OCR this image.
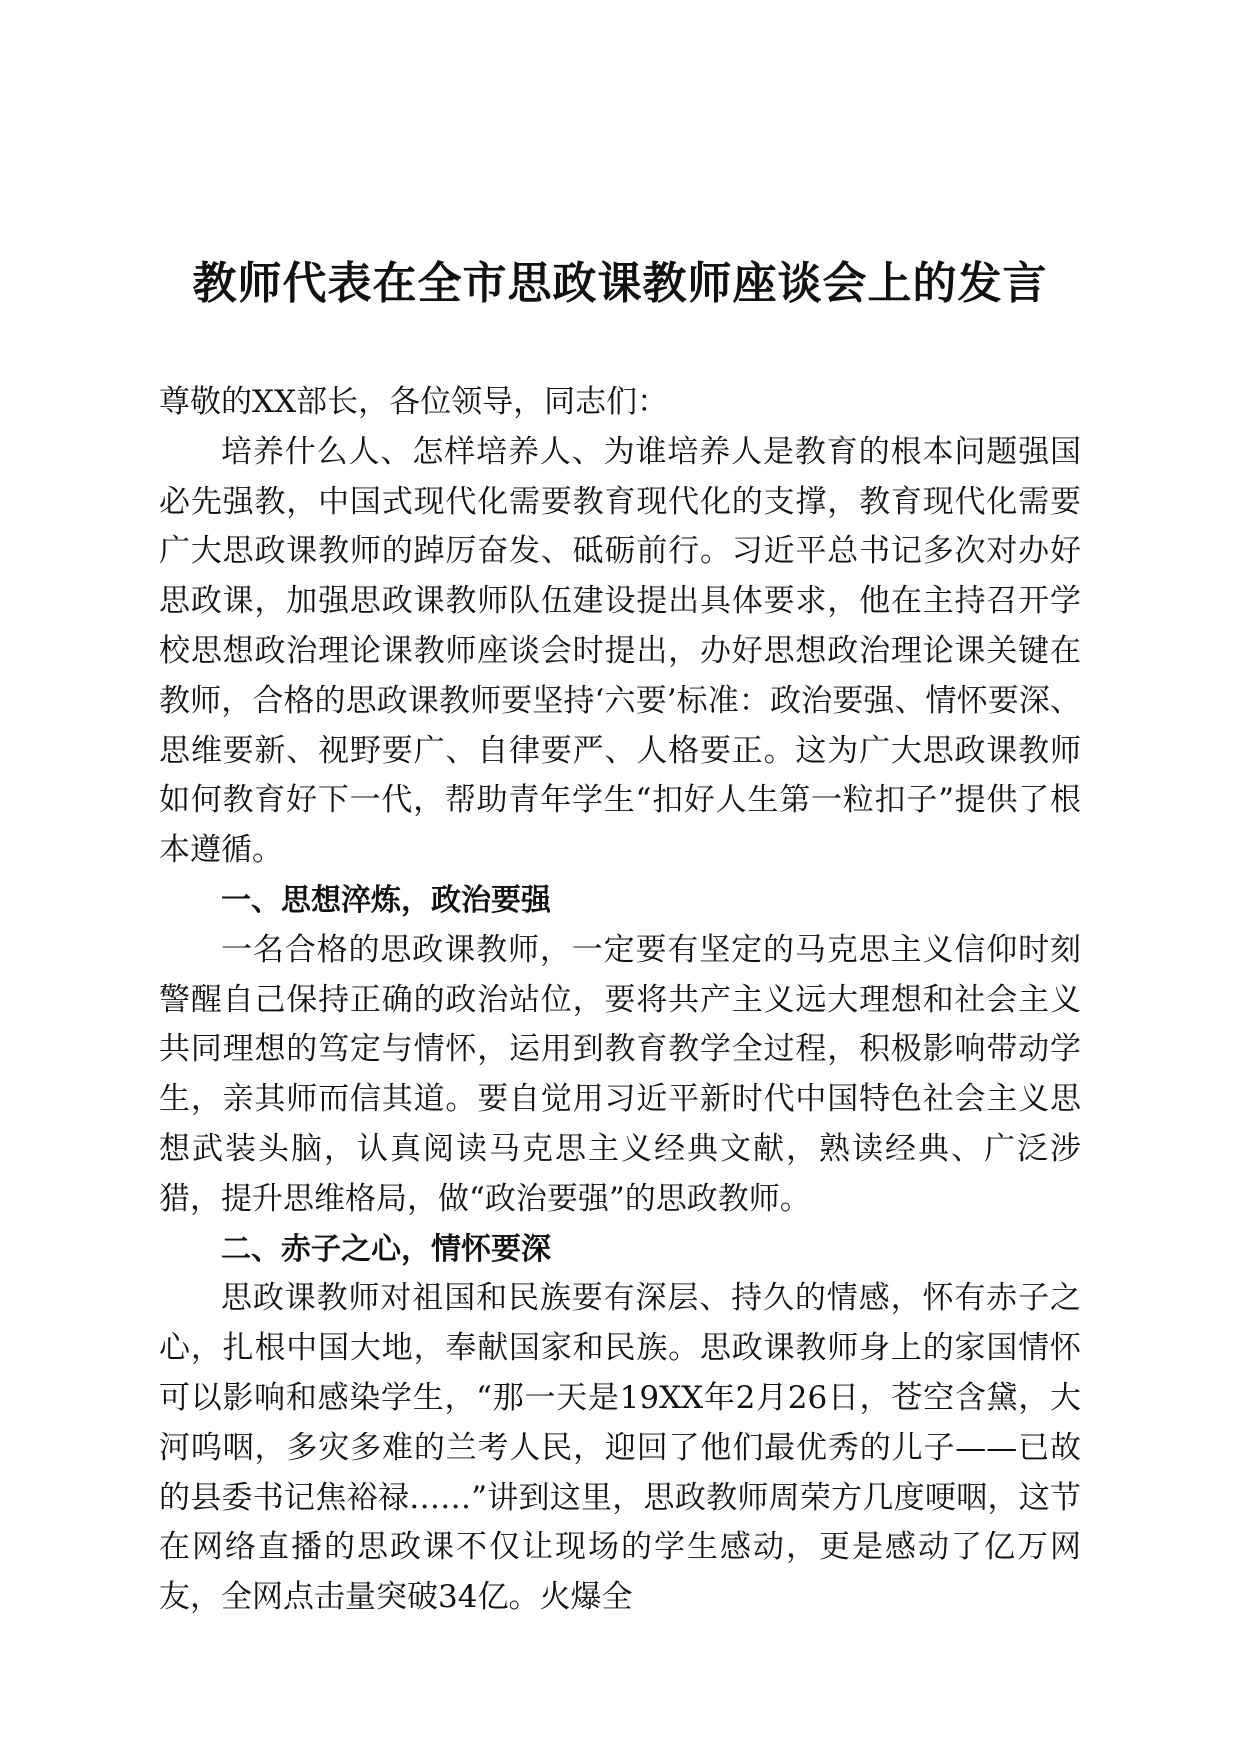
教师代表在全市思政课教师座谈会上的发言

尊敬的XX部长，各位领导，同志们：

培养什么人、怎样培养人、为谁培养人是教育的根本问题强国必先强教，中国式现代化需要教育现代化的支撑，教育现代化需要广大思政课教师的踔厉奋发、砥砺前行。习近平总书记多次对办好思政课，加强思政课教师队伍建设提出具体要求，他在主持召开学校思想政治理论课教师座谈会时提出，办好思想政治理论课关键在教师，合格的思政课教师要坚持‘六要’标准：政治要强、情怀要深、思维要新、视野要广、自律要严、人格要正。这为广大思政课教师如何教育好下一代，帮助青年学生“扣好人生第一粒扣子”提供了根本遵循。

一、思想淬炼，政治要强

一名合格的思政课教师，一定要有坚定的马克思主义信仰时刻警醒自己保持正确的政治站位，要将共产主义远大理想和社会主义共同理想的笃定与情怀，运用到教育教学全过程，积极影响带动学生，亲其师而信其道。要自觉用习近平新时代中国特色社会主义思想武装头脑，认真阅读马克思主义经典文献，熟读经典、广泛涉猎，提升思维格局，做“政治要强”的思政教师。

二、赤子之心，情怀要深

思政课教师对祖国和民族要有深层、持久的情感，怀有赤子之心，扎根中国大地，奉献国家和民族。思政课教师身上的家国情怀可以影响和感染学生，“那一天是19XX年2月26日，苍空含黛，大河呜咽，多灾多难的兰考人民，迎回了他们最优秀的儿子——已故的县委书记焦裕禄……”讲到这里，思政教师周荣方几度哽咽，这节在网络直播的思政课不仅让现场的学生感动，更是感动了亿万网友，全网点击量突破34亿。火爆全
